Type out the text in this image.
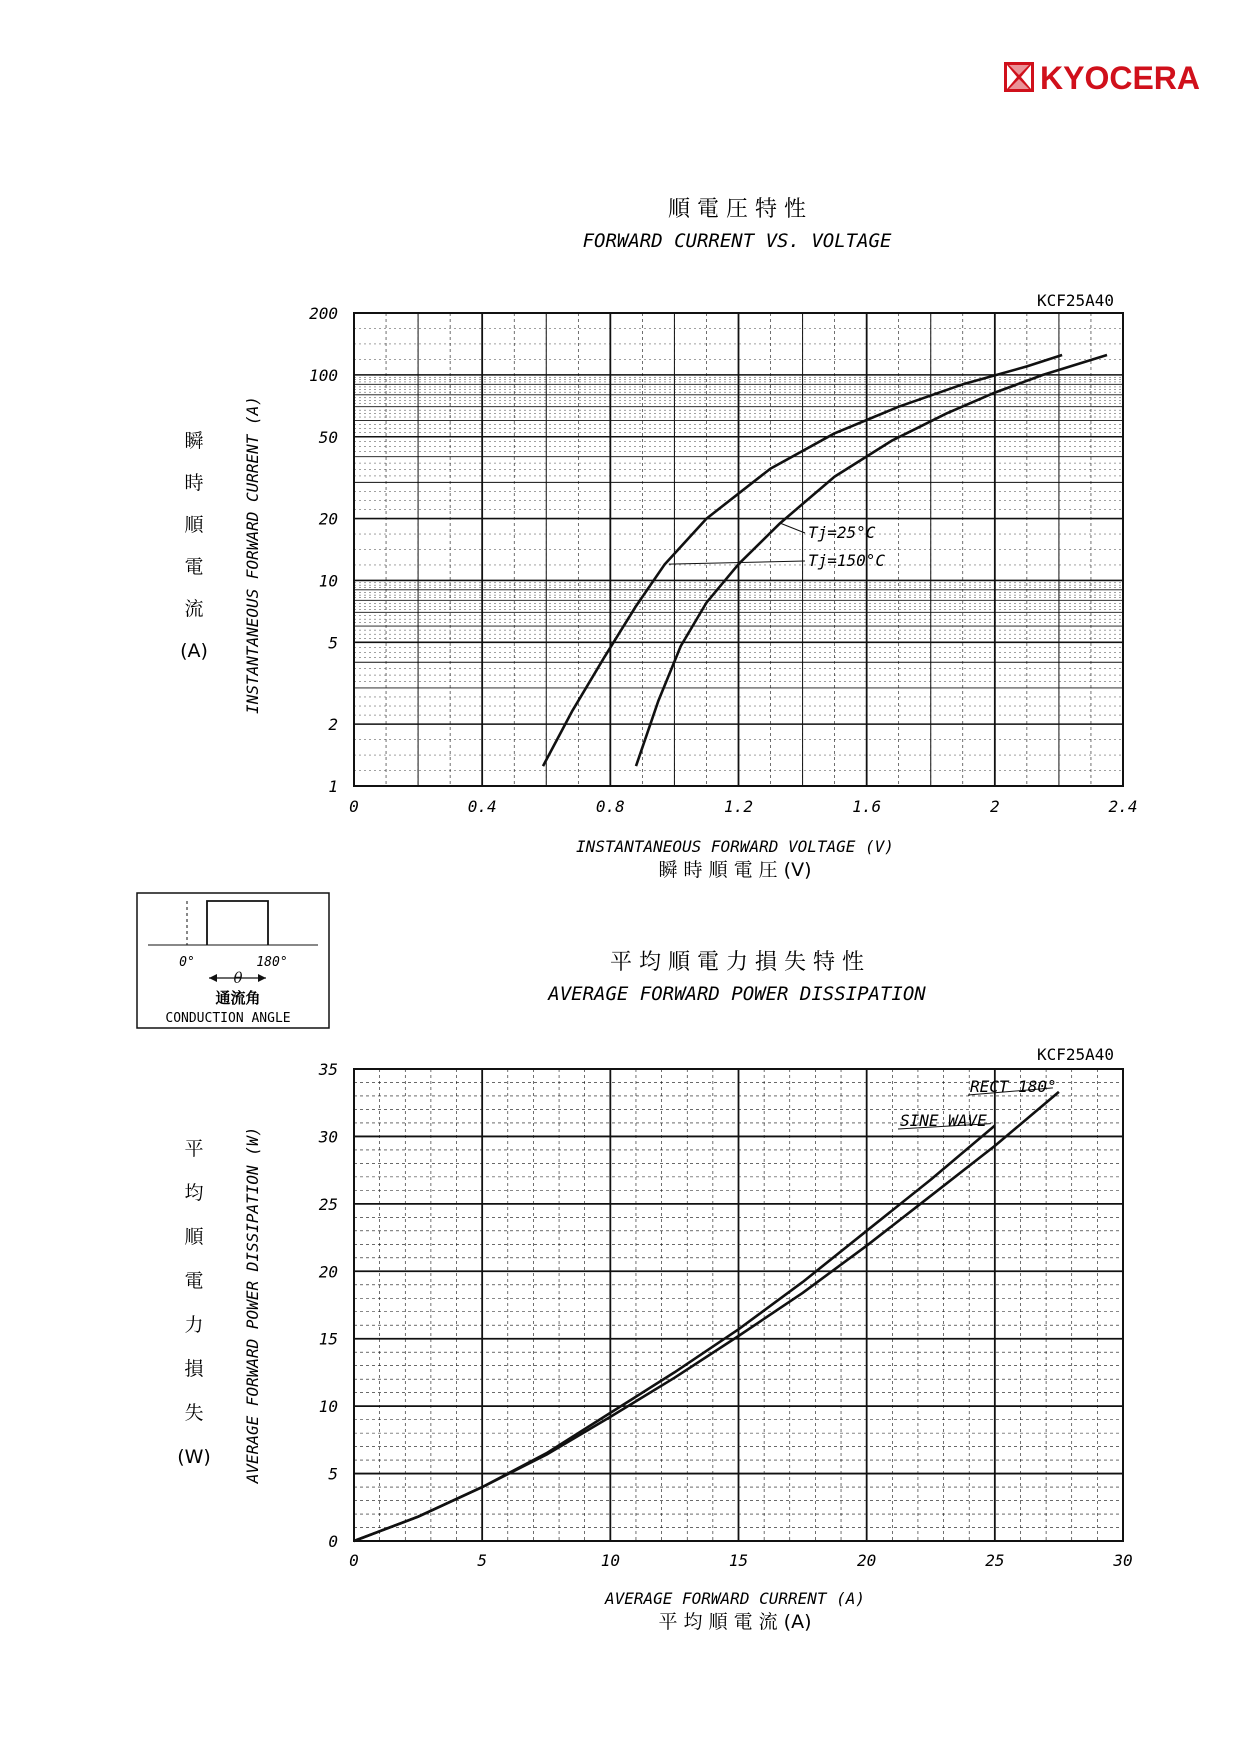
KYOCERA
順 電 圧 特 性
FORWARD CURRENT VS. VOLTAGE
KCF25A40
0	0.4	0.8	1.2	1.6	2	2.4
1
2
5
10
20
50
100
200
Tj=25°C
Tj=150°C
INSTANTANEOUS FORWARD CURRENT (A)
瞬
時
順
電
流
(A)
INSTANTANEOUS FORWARD VOLTAGE (V)
瞬 時 順 電 圧 (V)
0°	180°
θ
通流角
CONDUCTION ANGLE
平 均 順 電 力 損 失 特 性
AVERAGE FORWARD POWER DISSIPATION
KCF25A40
0	5	10	15	20	25	30
0
5
10
15
20
25
30
35
SINE WAVE
RECT 180°
AVERAGE FORWARD POWER DISSIPATION (W)
平
均
順
電
力
損
失
(W)
AVERAGE FORWARD CURRENT (A)
平 均 順 電 流 (A)
